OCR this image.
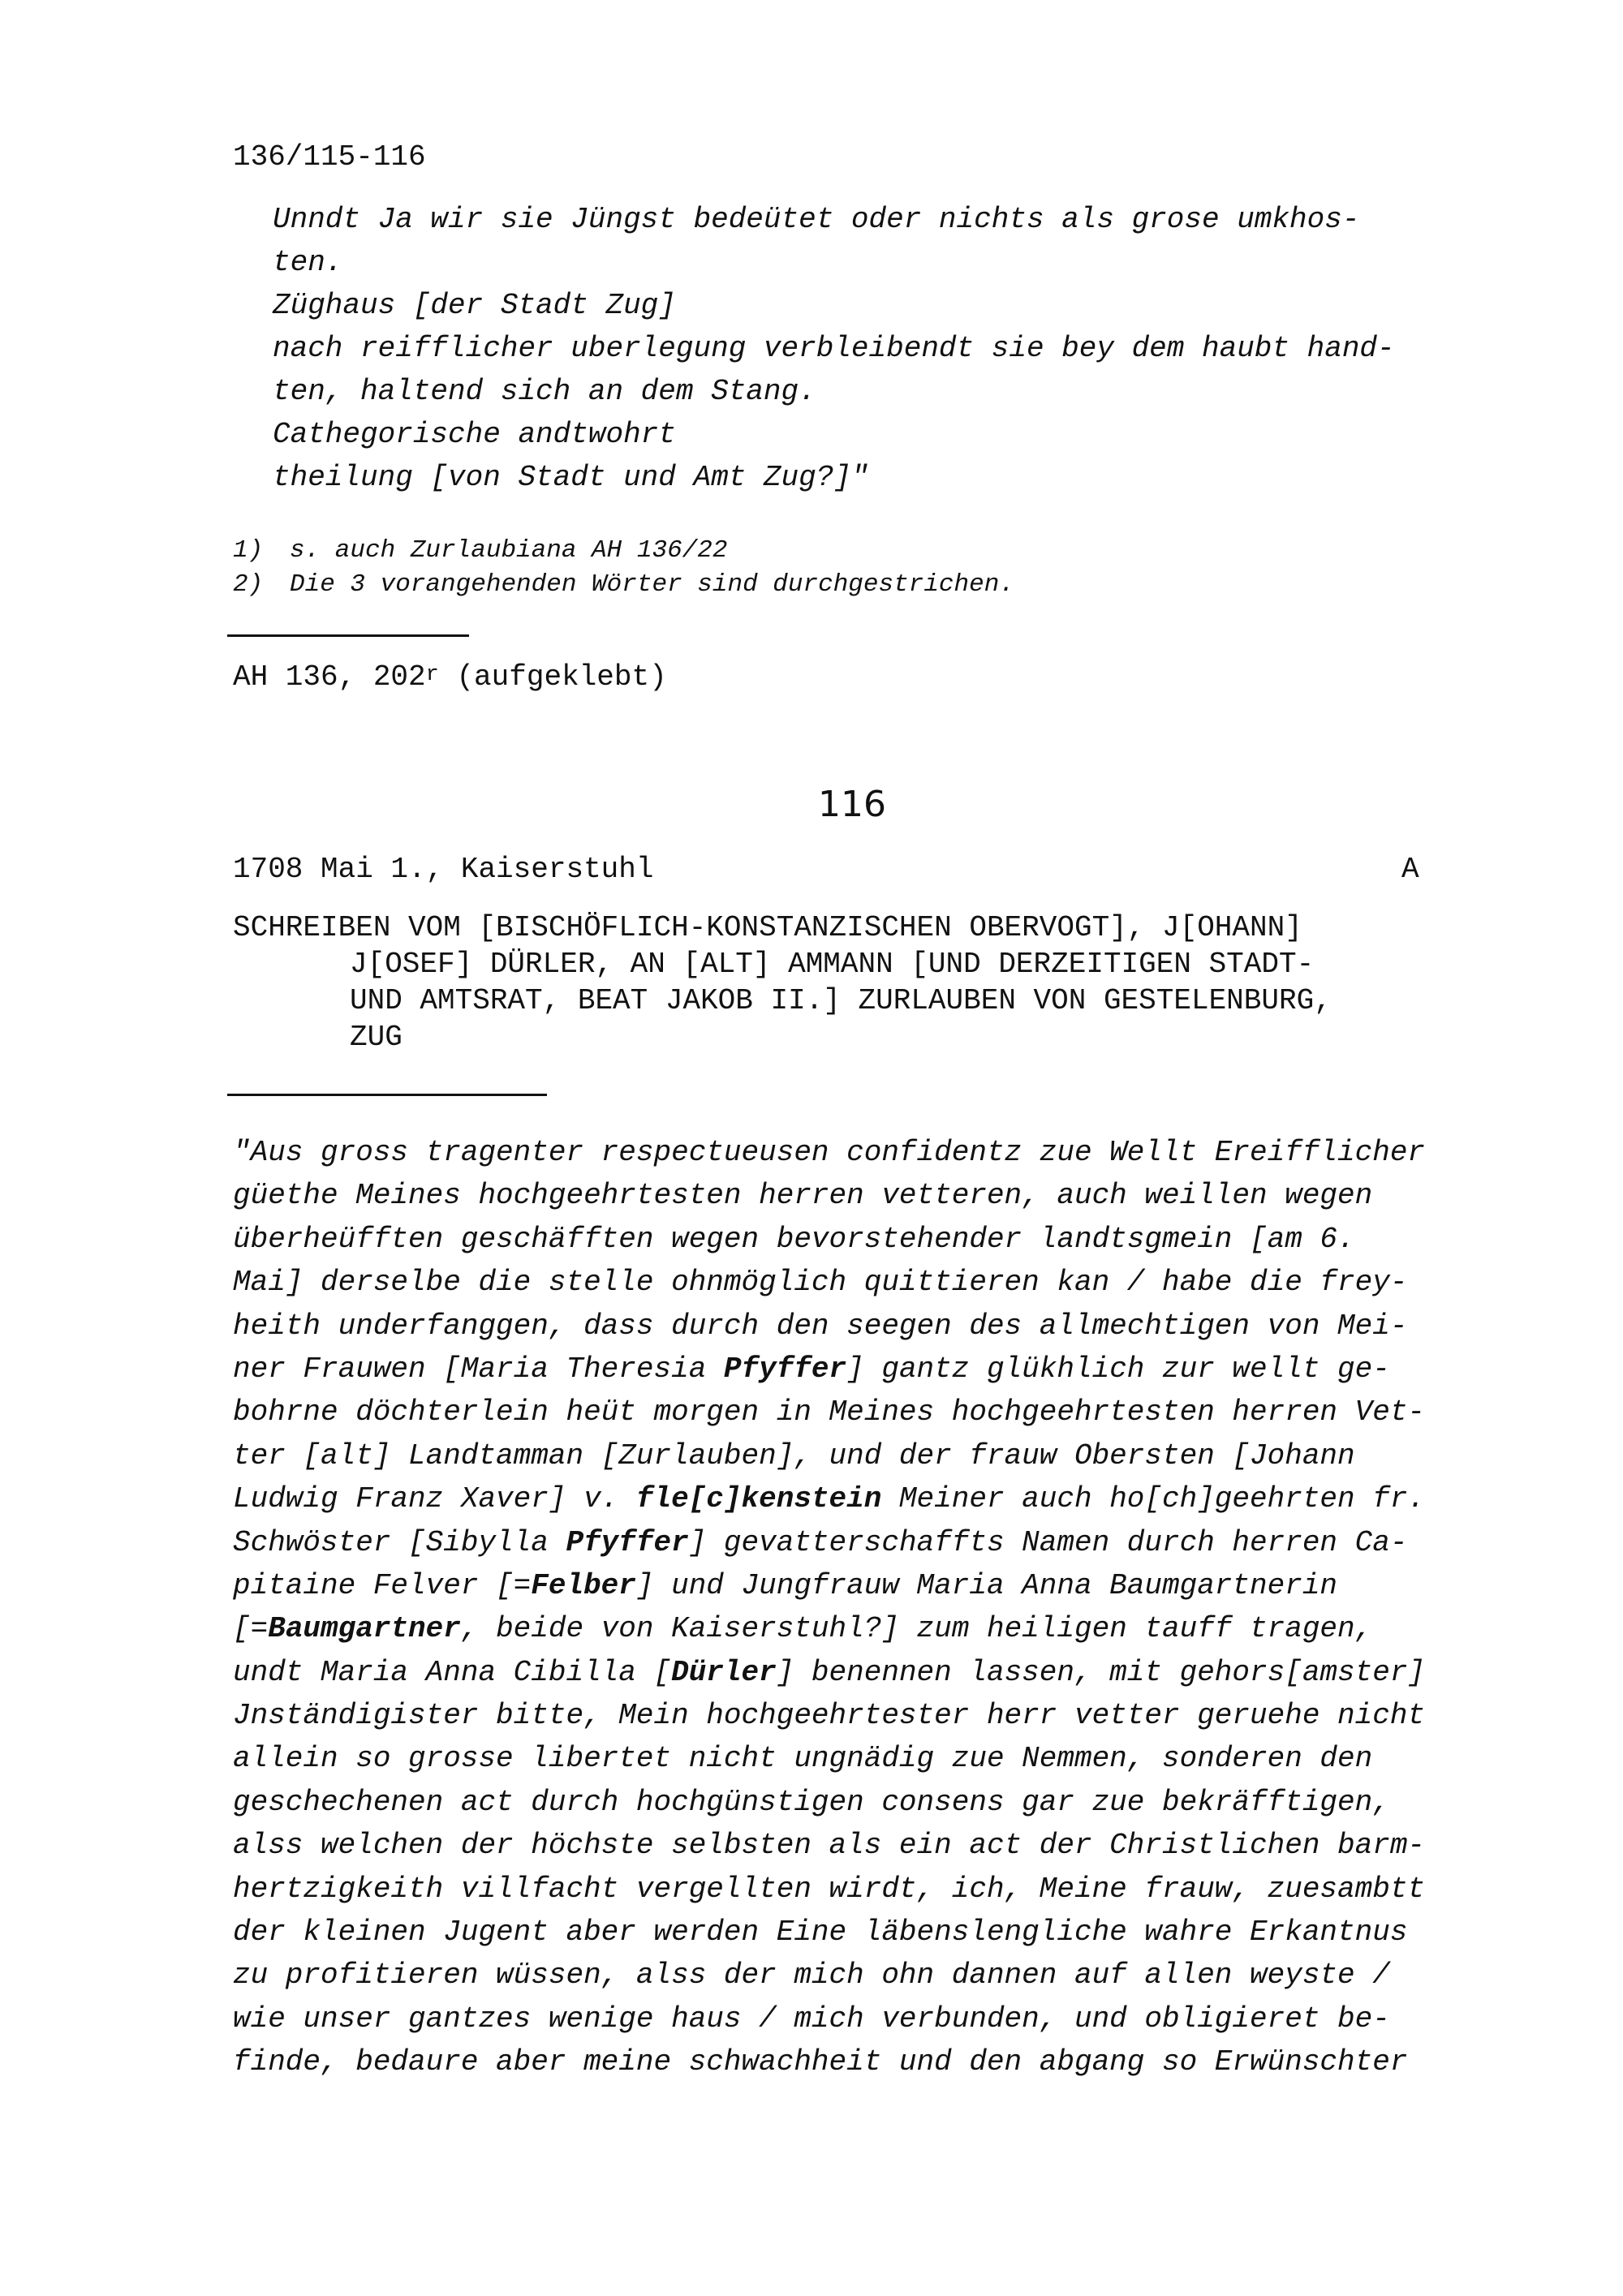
136/115-116
Unndt Ja wir sie Jüngst bedeütet oder nichts als grose umkhos-
ten.
Züghaus [der Stadt Zug]
nach reifflicher uberlegung verbleibendt sie bey dem haubt hand-
ten, haltend sich an dem Stang.
Cathegorische andtwohrt
theilung [von Stadt und Amt Zug?]"
1) s. auch Zurlaubiana AH 136/22
2) Die 3 vorangehenden Wörter sind durchgestrichen.
AH 136, 202$^r$ (aufgeklebt)
116
1708 Mai 1., Kaiserstuhl	A
SCHREIBEN VOM [BISCHÖFLICH-KONSTANZISCHEN OBERVOGT], J[OHANN]
J[OSEF] DÜRLER, AN [ALT] AMMANN [UND DERZEITIGEN STADT-
UND AMTSRAT, BEAT JAKOB II.] ZURLAUBEN VON GESTELENBURG,
ZUG
"Aus gross tragenter respectueusen confidentz zue Wellt Ereifflicher
güethe Meines hochgeehrtesten herren vetteren, auch weillen wegen
überheüfften geschäfften wegen bevorstehender landtsgmein [am 6.
Mai] derselbe die stelle ohnmöglich quittieren kan / habe die frey-
heith underfanggen, dass durch den seegen des allmechtigen von Mei-
ner Frauwen [Maria Theresia Pfyffer] gantz glükhlich zur wellt ge-
bohrne döchterlein heüt morgen in Meines hochgeehrtesten herren Vet-
ter [alt] Landtamman [Zurlauben], und der frauw Obersten [Johann
Ludwig Franz Xaver] v. fle[c]kenstein Meiner auch ho[ch]geehrten fr.
Schwöster [Sibylla Pfyffer] gevatterschaffts Namen durch herren Ca-
pitaine Felver [=Felber] und Jungfrauw Maria Anna Baumgartnerin
[=Baumgartner, beide von Kaiserstuhl?] zum heiligen tauff tragen,
undt Maria Anna Cibilla [Dürler] benennen lassen, mit gehors[amster]
Jnständigister bitte, Mein hochgeehrtester herr vetter geruehe nicht
allein so grosse libertet nicht ungnädig zue Nemmen, sonderen den
geschechenen act durch hochgünstigen consens gar zue bekräfftigen,
alss welchen der höchste selbsten als ein act der Christlichen barm-
hertzigkeith villfacht vergellten wirdt, ich, Meine frauw, zuesambtt
der kleinen Jugent aber werden Eine läbenslengliche wahre Erkantnus
zu profitieren wüssen, alss der mich ohn dannen auf allen weyste /
wie unser gantzes wenige haus / mich verbunden, und obligieret be-
finde, bedaure aber meine schwachheit und den abgang so Erwünschter
